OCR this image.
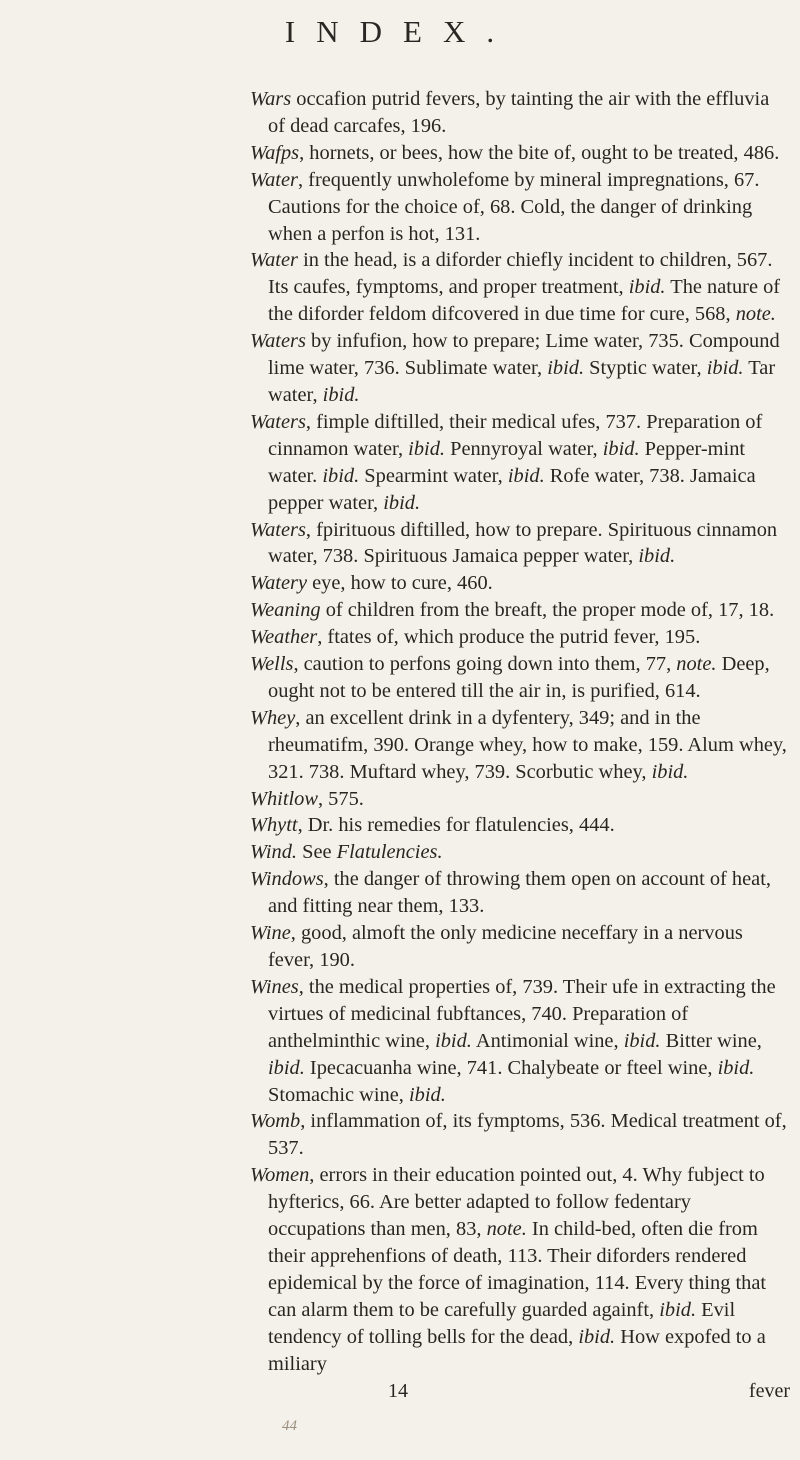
INDEX.
Wars occafion putrid fevers, by tainting the air with the effluvia of dead carcafes, 196.
Wafps, hornets, or bees, how the bite of, ought to be treated, 486.
Water, frequently unwholefome by mineral impregnations, 67. Cautions for the choice of, 68. Cold, the danger of drinking when a perfon is hot, 131.
Water in the head, is a diforder chiefly incident to children, 567. Its caufes, fymptoms, and proper treatment, ibid. The nature of the diforder feldom difcovered in due time for cure, 568, note.
Waters by infufion, how to prepare; Lime water, 735. Compound lime water, 736. Sublimate water, ibid. Styptic water, ibid. Tar water, ibid.
Waters, fimple diftilled, their medical ufes, 737. Preparation of cinnamon water, ibid. Pennyroyal water, ibid. Pepper-mint water. ibid. Spearmint water, ibid. Rofe water, 738. Jamaica pepper water, ibid.
Waters, fpirituous diftilled, how to prepare. Spirituous cinnamon water, 738. Spirituous Jamaica pepper water, ibid.
Watery eye, how to cure, 460.
Weaning of children from the breaft, the proper mode of, 17, 18.
Weather, ftates of, which produce the putrid fever, 195.
Wells, caution to perfons going down into them, 77, note. Deep, ought not to be entered till the air in, is purified, 614.
Whey, an excellent drink in a dyfentery, 349; and in the rheumatifm, 390. Orange whey, how to make, 159. Alum whey, 321. 738. Muftard whey, 739. Scorbutic whey, ibid.
Whitlow, 575.
Whytt, Dr. his remedies for flatulencies, 444.
Wind. See Flatulencies.
Windows, the danger of throwing them open on account of heat, and fitting near them, 133.
Wine, good, almoft the only medicine neceffary in a nervous fever, 190.
Wines, the medical properties of, 739. Their ufe in extracting the virtues of medicinal fubftances, 740. Preparation of anthelminthic wine, ibid. Antimonial wine, ibid. Bitter wine, ibid. Ipecacuanha wine, 741. Chalybeate or fteel wine, ibid. Stomachic wine, ibid.
Womb, inflammation of, its fymptoms, 536. Medical treatment of, 537.
Women, errors in their education pointed out, 4. Why fubject to hyfterics, 66. Are better adapted to follow fedentary occupations than men, 83, note. In child-bed, often die from their apprehenfions of death, 113. Their diforders rendered epidemical by the force of imagination, 114. Every thing that can alarm them to be carefully guarded againft, ibid. Evil tendency of tolling bells for the dead, ibid. How expofed to a miliary
14	fever
44
